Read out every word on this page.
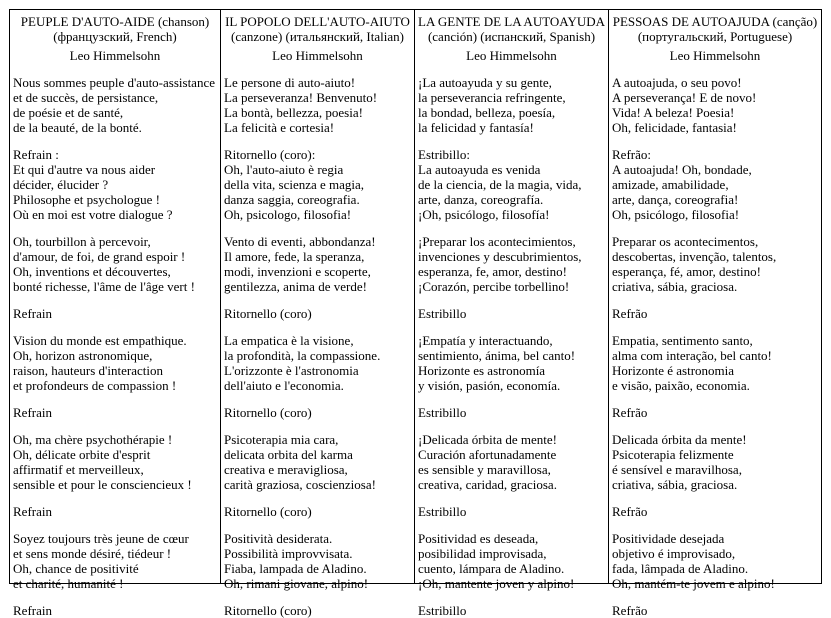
PEUPLE D'AUTO-AIDE (chanson)
(французский, French)
Leo Himmelsohn
Nous sommes peuple d'auto-assistance
et de succès, de persistance,
de poésie et de santé,
de la beauté, de la bonté.
Refrain :
Et qui d'autre va nous aider
décider, élucider ?
Philosophe et psychologue !
Où en moi est votre dialogue ?
Oh, tourbillon à percevoir,
d'amour, de foi, de grand espoir !
Oh, inventions et découvertes,
bonté richesse, l'âme de l'âge vert !
Refrain
Vision du monde est empathique.
Oh, horizon astronomique,
raison, hauteurs d'interaction
et profondeurs de compassion !
Refrain
Oh, ma chère psychothérapie !
Oh, délicate orbite d'esprit
affirmatif et merveilleux,
sensible et pour le consciencieux !
Refrain
Soyez toujours très jeune de cœur
et sens monde désiré, tiédeur !
Oh, chance de positivité
et charité, humanité !
Refrain
IL POPOLO DELL'AUTO-AIUTO
(canzone) (итальянский, Italian)
Leo Himmelsohn
Le persone di auto-aiuto!
La perseveranza! Benvenuto!
La bontà, bellezza, poesia!
La felicità e cortesia!
Ritornello (coro):
Oh, l'auto-aiuto è regia
della vita, scienza e magia,
danza saggia, coreografia.
Oh, psicologo, filosofia!
Vento di eventi, abbondanza!
Il amore, fede, la speranza,
modi, invenzioni e scoperte,
gentilezza, anima de verde!
Ritornello (coro)
La empatica è la visione,
la profondità, la compassione.
L'orizzonte è l'astronomia
dell'aiuto e l'economia.
Ritornello (coro)
Psicoterapia mia cara,
delicata orbita del karma
creativa e meravigliosa,
carità graziosa, coscienziosa!
Ritornello (coro)
Positività desiderata.
Possibilità improvvisata.
Fiaba, lampada de Aladino.
Oh, rimani giovane, alpino!
Ritornello (coro)
LA GENTE DE LA AUTOAYUDA
(canción) (испанский, Spanish)
Leo Himmelsohn
¡La autoayuda y su gente,
la perseverancia refringente,
la bondad, belleza, poesía,
la felicidad y fantasía!
Estribillo:
La autoayuda es venida
de la ciencia, de la magia, vida,
arte, danza, coreografía.
¡Oh, psicólogo, filosofía!
¡Preparar los acontecimientos,
invenciones y descubrimientos,
esperanza, fe, amor, destino!
¡Corazón, percibe torbellino!
Estribillo
¡Empatía y interactuando,
sentimiento, ánima, bel canto!
Horizonte es astronomía
y visión, pasión, economía.
Estribillo
¡Delicada órbita de mente!
Curación afortunadamente
es sensible y maravillosa,
creativa, caridad, graciosa.
Estribillo
Positividad es deseada,
posibilidad improvisada,
cuento, lámpara de Aladino.
¡Oh, mantente joven y alpino!
Estribillo
PESSOAS DE AUTOAJUDA (canção)
(португальский, Portuguese)
Leo Himmelsohn
A autoajuda, o seu povo!
A perseverança! E de novo!
Vida! A beleza! Poesia!
Oh, felicidade, fantasia!
Refrão:
A autoajuda! Oh, bondade,
amizade, amabilidade,
arte, dança, coreografia!
Oh, psicólogo, filosofia!
Preparar os acontecimentos,
descobertas, invenção, talentos,
esperança, fé, amor, destino!
criativa, sábia, graciosa.
Refrão
Empatia, sentimento santo,
alma com interação, bel canto!
Horizonte é astronomia
e visão, paixão, economia.
Refrão
Delicada órbita da mente!
Psicoterapia felizmente
é sensível e maravilhosa,
criativa, sábia, graciosa.
Refrão
Positividade desejada
objetivo é improvisado,
fada, lâmpada de Aladino.
Oh, mantém-te jovem e alpino!
Refrão
